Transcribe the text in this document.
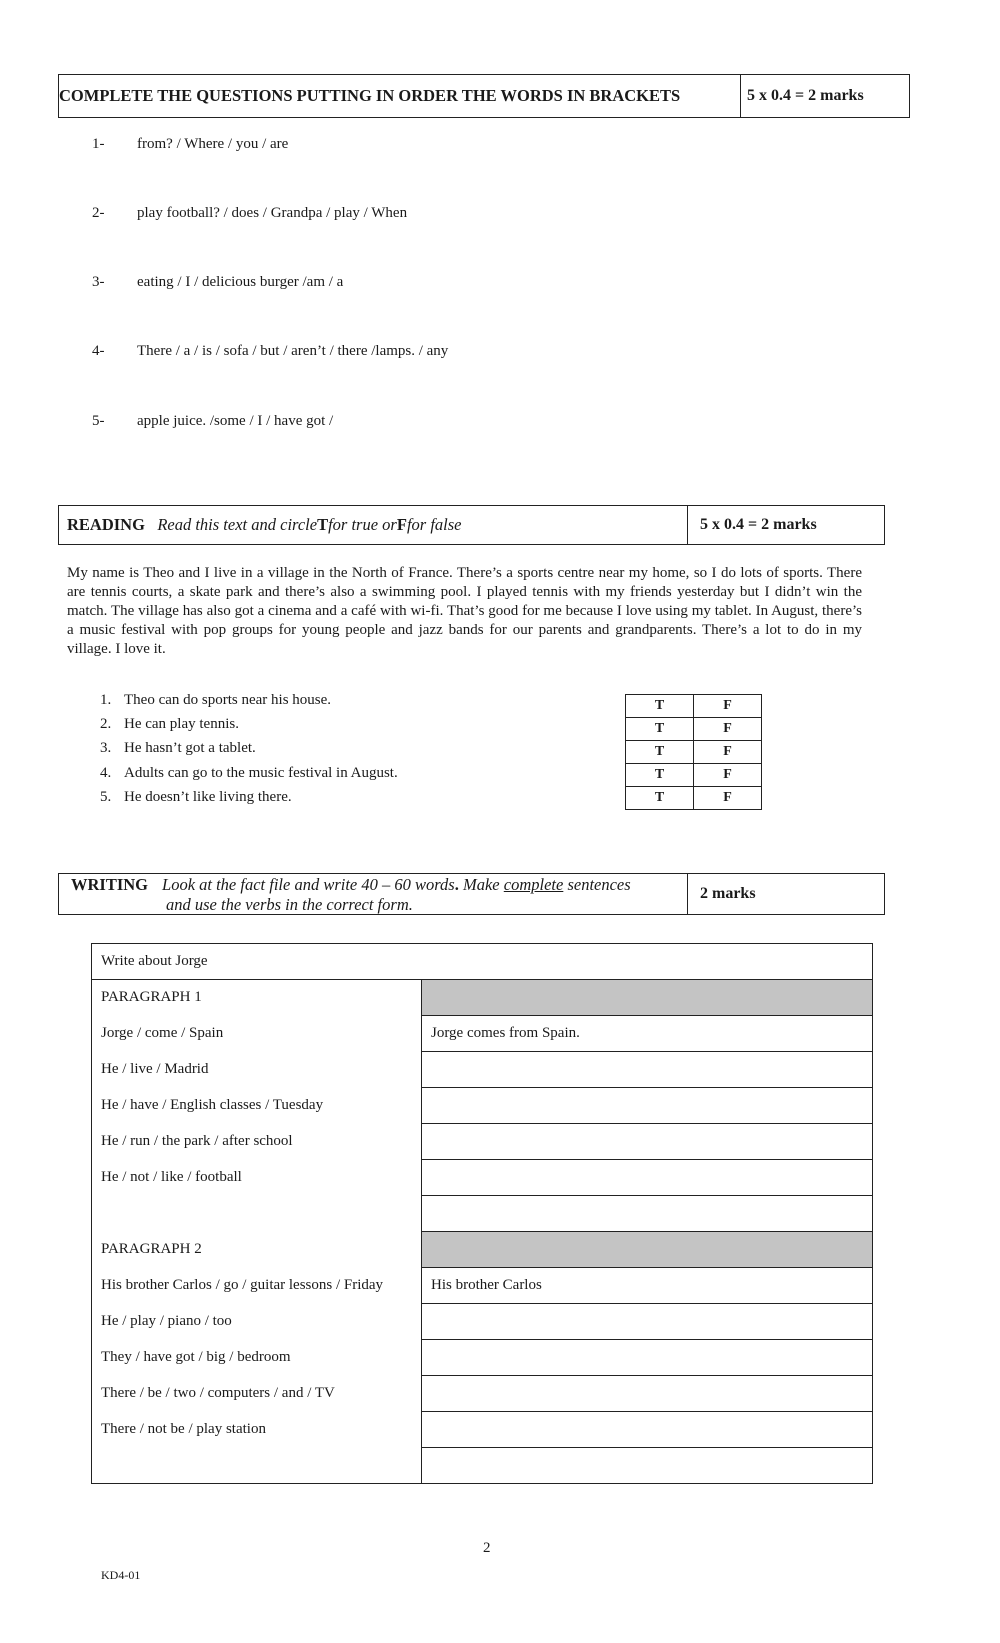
COMPLETE THE QUESTIONS PUTTING IN ORDER THE WORDS IN BRACKETS	5 x 0.4 = 2 marks
1- from? / Where / you / are
2- play football? / does / Grandpa / play / When
3- eating / I / delicious burger /am / a
4- There / a / is / sofa / but / aren’t / there /lamps. / any
5- apple juice. /some / I / have got /
READING
Read this text and circle T for true or F for false	5 x 0.4 = 2 marks
My name is Theo and I live in a village in the North of France. There’s a sports centre near my home, so I do lots of sports. There are tennis courts, a skate park and there’s also a swimming pool. I played tennis with my friends yesterday but I didn’t win the match. The village has also got a cinema and a café with wi-fi. That’s good for me because I love using my tablet. In August, there’s a music festival with pop groups for young people and jazz bands for our parents and grandparents. There’s a lot to do in my village. I love it.
1. Theo can do sports near his house.
2. He can play tennis.
3. He hasn’t got a tablet.
4. Adults can go to the music festival in August.
5. He doesn’t like living there.
T	F
T	F
T	F
T	F
T	F
WRITING Look at the fact file and write 40 – 60 words. Make complete sentences
and use the verbs in the correct form.
2 marks
Write about Jorge	
PARAGRAPH 1	
Jorge / come / Spain	Jorge comes from Spain.
He / live / Madrid	
He / have / English classes / Tuesday	
He / run / the park / after school	
He / not / like / football	

PARAGRAPH 2	
His brother Carlos / go / guitar lessons / Friday	His brother Carlos
He / play / piano / too	
They / have got / big / bedroom	
There / be / two / computers / and / TV	
There / not be / play station	

2
KD4-01
